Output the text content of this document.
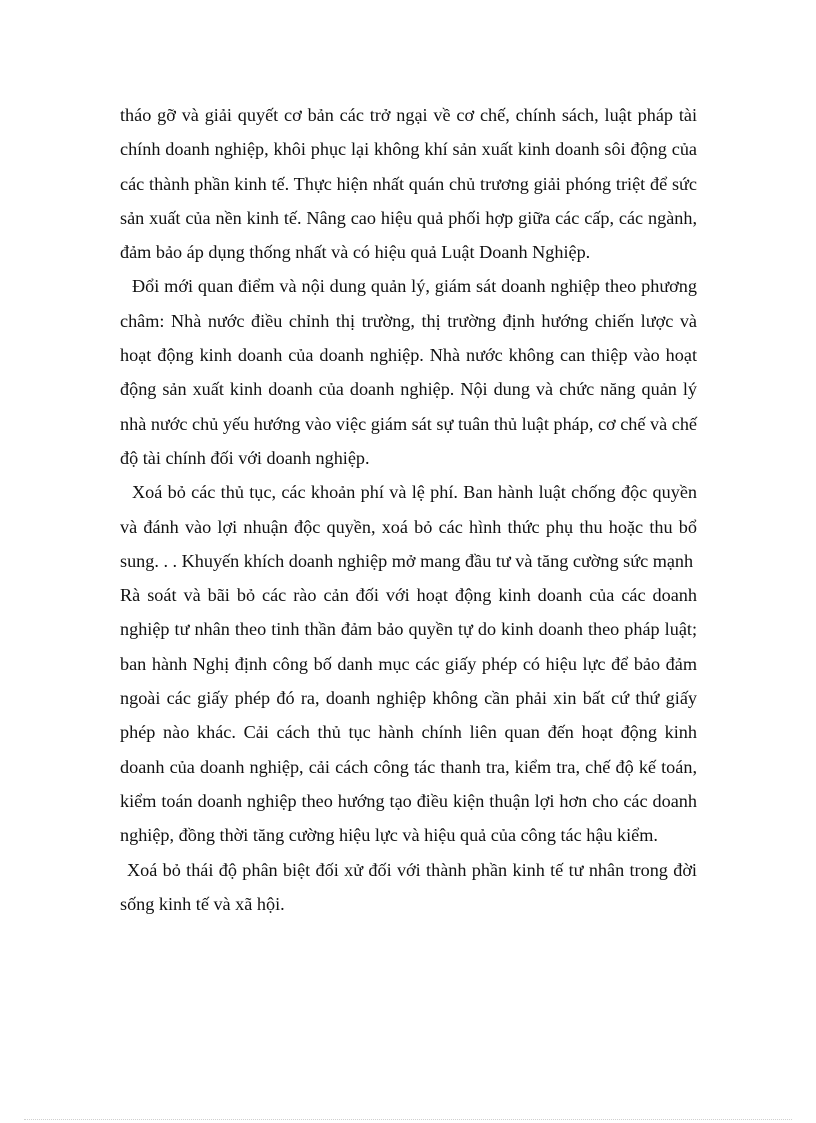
tháo gỡ và giải quyết cơ bản các trở ngại về cơ chế, chính sách, luật pháp tài chính doanh nghiệp, khôi phục lại không khí sản xuất kinh doanh sôi động của các thành phần kinh tế. Thực hiện nhất quán chủ trương giải phóng triệt để sức sản xuất của nền kinh tế. Nâng cao hiệu quả phối hợp giữa các cấp, các ngành, đảm bảo áp dụng thống nhất và có hiệu quả Luật Doanh Nghiệp.

Đổi mới quan điểm và nội dung quản lý, giám sát doanh nghiệp theo phương châm: Nhà nước điều chỉnh thị trường, thị trường định hướng chiến lược và hoạt động kinh doanh của doanh nghiệp. Nhà nước không can thiệp vào hoạt động sản xuất kinh doanh của doanh nghiệp. Nội dung và chức năng quản lý nhà nước chủ yếu hướng vào việc giám sát sự tuân thủ luật pháp, cơ chế và chế độ tài chính đối với doanh nghiệp.

Xoá bỏ các thủ tục, các khoản phí và lệ phí. Ban hành luật chống độc quyền và đánh vào lợi nhuận độc quyền, xoá bỏ các hình thức phụ thu hoặc thu bổ sung. . . Khuyến khích doanh nghiệp mở mang đầu tư và tăng cường sức mạnh

Rà soát và bãi bỏ các rào cản đối với hoạt động kinh doanh của các doanh nghiệp tư nhân theo tinh thần đảm bảo quyền tự do kinh doanh theo pháp luật; ban hành Nghị định công bố danh mục các giấy phép có hiệu lực để bảo đảm ngoài các giấy phép đó ra, doanh nghiệp không cần phải xin bất cứ thứ giấy phép nào khác. Cải cách thủ tục hành chính liên quan đến hoạt động kinh doanh của doanh nghiệp, cải cách công tác thanh tra, kiểm tra, chế độ kế toán, kiểm toán doanh nghiệp theo hướng tạo điều kiện thuận lợi hơn cho các doanh nghiệp, đồng thời tăng cường hiệu lực và hiệu quả của công tác hậu kiểm.

Xoá bỏ thái độ phân biệt đối xử đối với thành phần kinh tế tư nhân trong đời sống kinh tế và xã hội.
